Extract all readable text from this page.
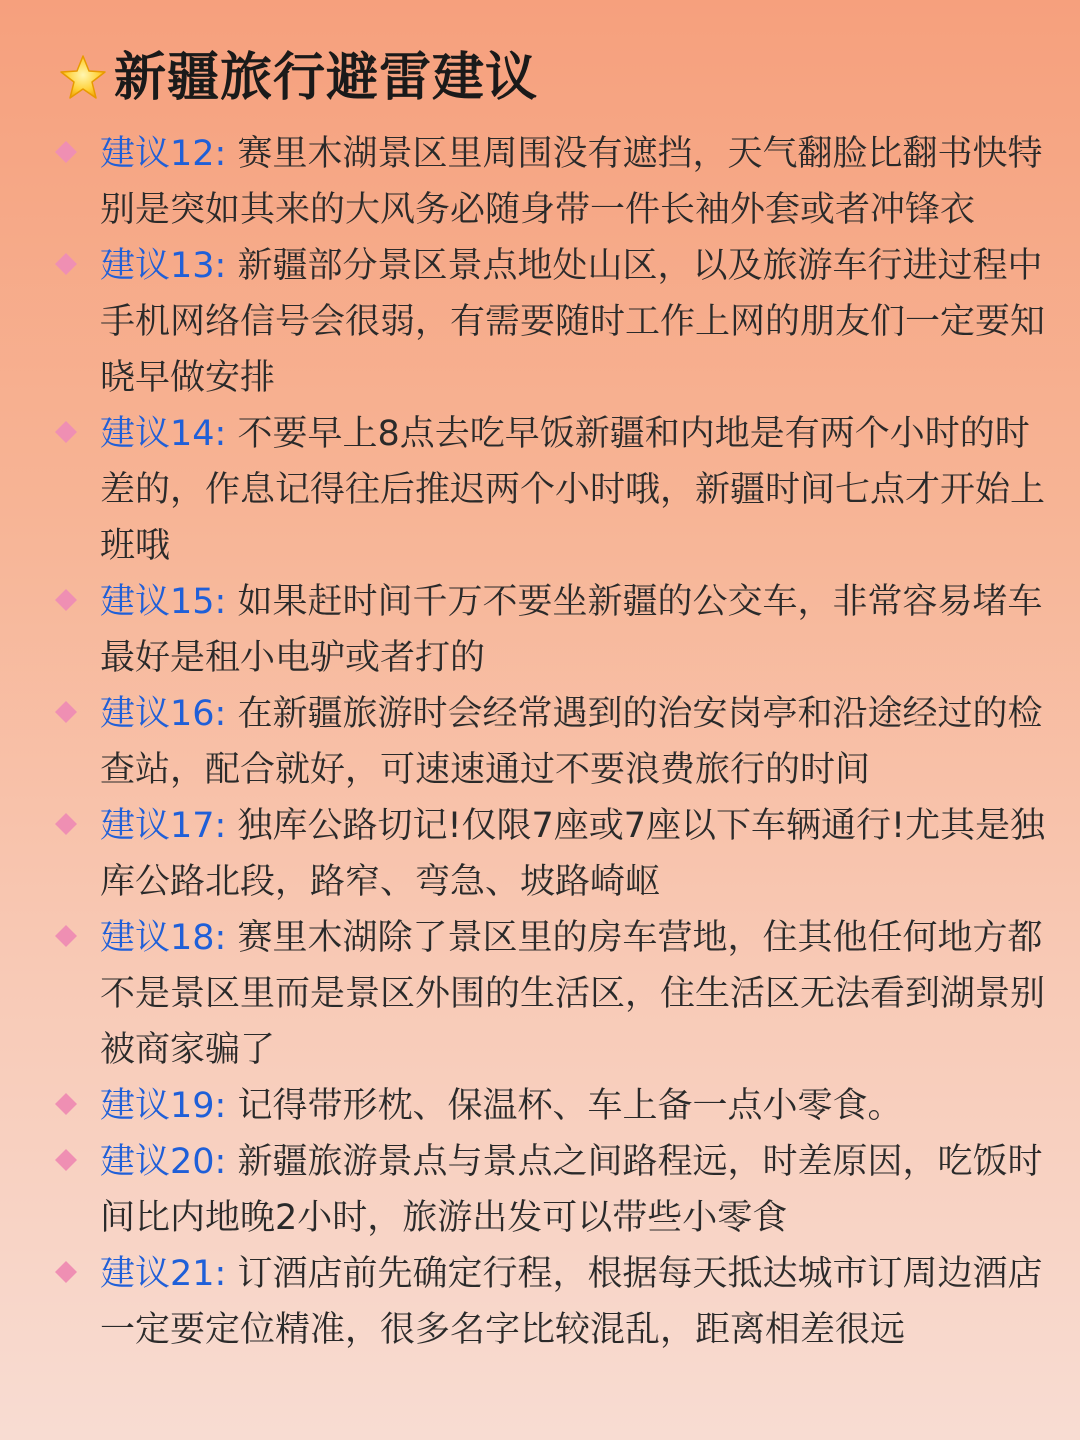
新疆旅行避雷建议
建议12: 赛里木湖景区里周围没有遮挡，天气翻脸比翻书快特别是突如其来的大风务必随身带一件长袖外套或者冲锋衣
建议13: 新疆部分景区景点地处山区，以及旅游车行进过程中手机网络信号会很弱，有需要随时工作上网的朋友们一定要知晓早做安排
建议14: 不要早上8点去吃早饭新疆和内地是有两个小时的时差的，作息记得往后推迟两个小时哦，新疆时间七点才开始上班哦
建议15: 如果赶时间千万不要坐新疆的公交车，非常容易堵车最好是租小电驴或者打的
建议16: 在新疆旅游时会经常遇到的治安岗亭和沿途经过的检查站，配合就好，可速速通过不要浪费旅行的时间
建议17: 独库公路切记!仅限7座或7座以下车辆通行!尤其是独库公路北段，路窄、弯急、坡路崎岖
建议18: 赛里木湖除了景区里的房车营地，住其他任何地方都不是景区里而是景区外围的生活区，住生活区无法看到湖景别被商家骗了
建议19: 记得带形枕、保温杯、车上备一点小零食。
建议20: 新疆旅游景点与景点之间路程远，时差原因，吃饭时间比内地晚2小时，旅游出发可以带些小零食
建议21: 订酒店前先确定行程，根据每天抵达城市订周边酒店一定要定位精准，很多名字比较混乱，距离相差很远
